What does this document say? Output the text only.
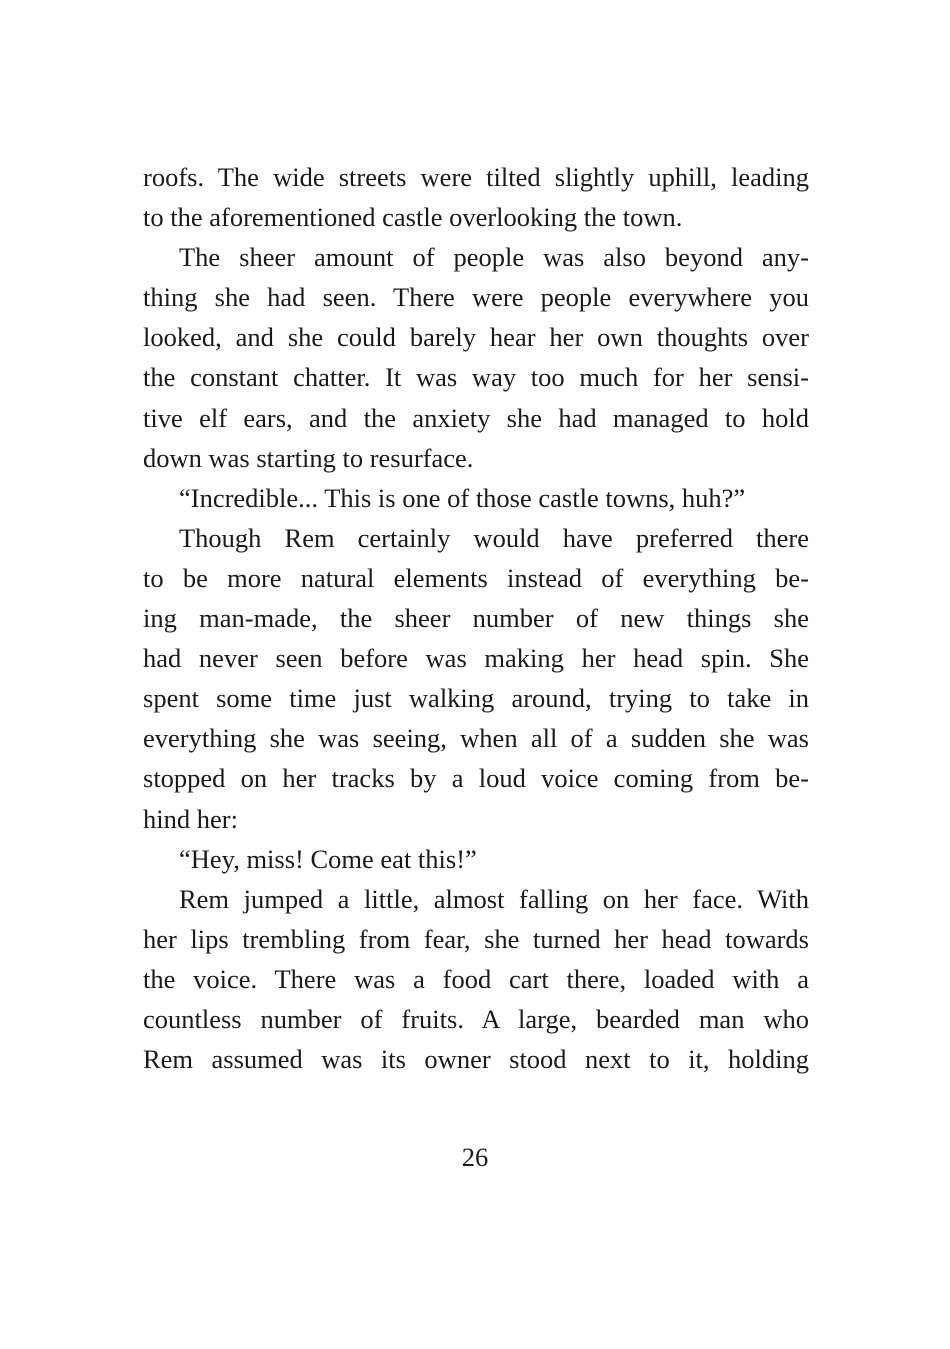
roofs. The wide streets were tilted slightly uphill, leading
to the aforementioned castle overlooking the town.
The sheer amount of people was also beyond any-
thing she had seen. There were people everywhere you
looked, and she could barely hear her own thoughts over
the constant chatter. It was way too much for her sensi-
tive elf ears, and the anxiety she had managed to hold
down was starting to resurface.
“Incredible... This is one of those castle towns, huh?”
Though Rem certainly would have preferred there
to be more natural elements instead of everything be-
ing man-made, the sheer number of new things she
had never seen before was making her head spin. She
spent some time just walking around, trying to take in
everything she was seeing, when all of a sudden she was
stopped on her tracks by a loud voice coming from be-
hind her:
“Hey, miss! Come eat this!”
Rem jumped a little, almost falling on her face. With
her lips trembling from fear, she turned her head towards
the voice. There was a food cart there, loaded with a
countless number of fruits. A large, bearded man who
Rem assumed was its owner stood next to it, holding
26
